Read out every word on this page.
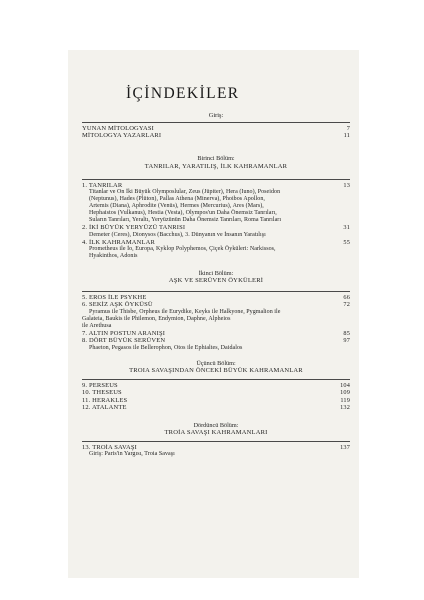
İÇİNDEKİLER
Giriş:
YUNAN MİTOLOGYASI	7
MİTOLOGYA YAZARLARI	11
Birinci Bölüm:
TANRILAR, YARATILIŞ, İLK KAHRAMANLAR
1. TANRILAR	13
Titanlar ve On İki Büyük Olymposlular, Zeus (Jüpiter), Hera (Iuno), Poseidon
(Neptunus), Hades (Plüton), Pallas Athena (Minerva), Phoibos Apollon,
Artemis (Diana), Aphrodite (Venüs), Hermes (Mercurius), Ares (Mars),
Hephaistos (Vulkanus), Hestia (Vesta), Olympos'un Daha Önemsiz Tanrıları,
Suların Tanrıları, Yeraltı, Yeryüzünün Daha Önemsiz Tanrıları, Roma Tanrıları
2. İKİ BÜYÜK YERYÜZÜ TANRISI	31
Demeter (Ceres), Dionysos (Bacchus), 3. Dünyanın ve İnsanın Yaratılışı
4. İLK KAHRAMANLAR	55
Prometheus ile İo, Europa, Kyklop Polyphemos, Çiçek Öyküleri: Narkissos,
Hyakinthos, Adonis
İkinci Bölüm:
AŞK VE SERÜVEN ÖYKÜLERİ
5. EROS İLE PSYKHE	66
6. SEKİZ AŞK ÖYKÜSÜ	72
Pyramus ile Thisbe, Orpheus ile Eurydike, Keyks ile Halkyone, Pygmalion ile
Galateia, Baukis ile Philemon, Endymion, Daphne, Alpheios
ile Arethusa
7. ALTIN POSTUN ARANIŞI	85
8. DÖRT BÜYÜK SERÜVEN	97
Phaeton, Pegasos ile Bellerophon, Otos ile Ephialtes, Daidalos
Üçüncü Bölüm:
TROIA SAVAŞINDAN ÖNCEKİ BÜYÜK KAHRAMANLAR
9. PERSEUS	104
10. THESEUS	109
11. HERAKLES	119
12. ATALANTE	132
Dördüncü Bölüm:
TROİA SAVAŞI KAHRAMANLARI
13. TROİA SAVAŞI	137
Giriş: Paris'in Yargısı, Troia Savaşı
